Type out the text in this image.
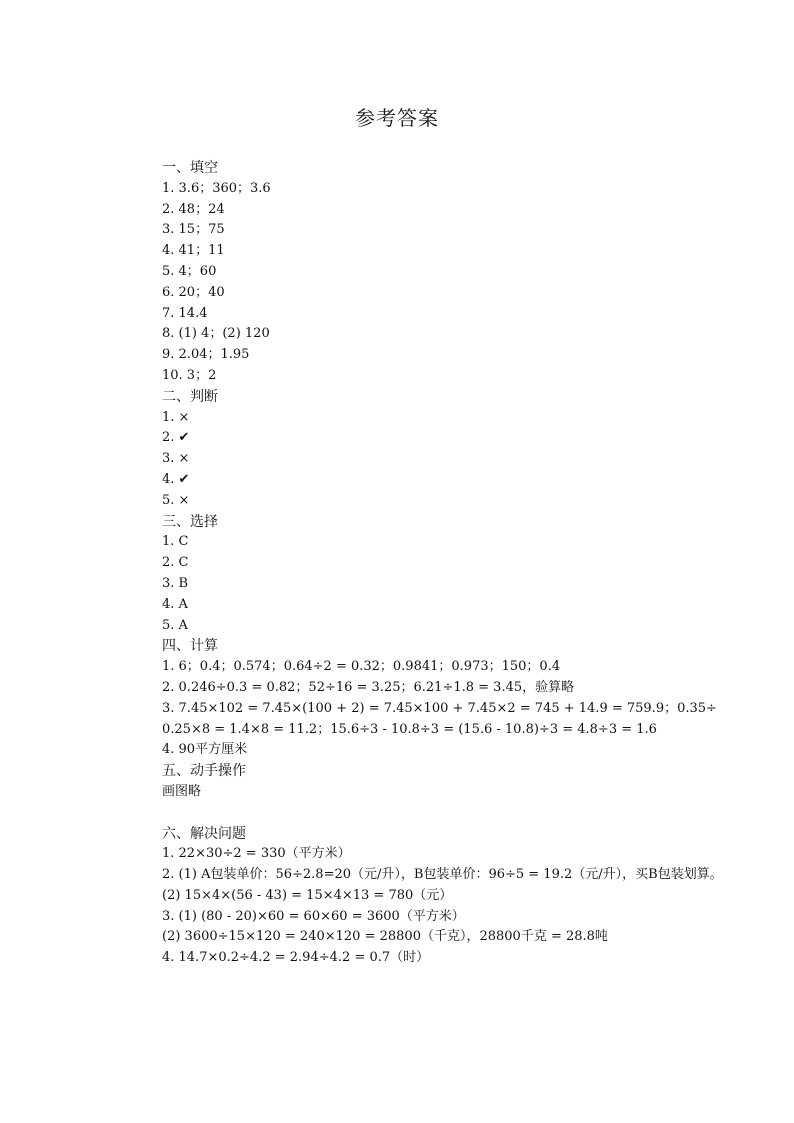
参考答案
一、填空
1. 3.6；360；3.6
2. 48；24
3. 15；75
4. 41；11
5. 4；60
6. 20；40
7. 14.4
8. (1) 4；(2) 120
9. 2.04；1.95
10. 3；2
二、判断
1. ×
2. ✔
3. ×
4. ✔
5. ×
三、选择
1. C
2. C
3. B
4. A
5. A
四、计算
1. 6；0.4；0.574；0.64÷2 = 0.32；0.9841；0.973；150；0.4
2. 0.246÷0.3 = 0.82；52÷16 = 3.25；6.21÷1.8 = 3.45，验算略
3. 7.45×102 = 7.45×(100 + 2) = 7.45×100 + 7.45×2 = 745 + 14.9 = 759.9；0.35÷0.25×8 = 1.4×8 = 11.2；15.6÷3 - 10.8÷3 = (15.6 - 10.8)÷3 = 4.8÷3 = 1.6
4. 90平方厘米
五、动手操作
画图略
六、解决问题
1. 22×30÷2 = 330（平方米）
2. (1) A包装单价：56÷2.8=20（元/升），B包装单价：96÷5 = 19.2（元/升），买B包装划算。
(2) 15×4×(56 - 43) = 15×4×13 = 780（元）
3. (1) (80 - 20)×60 = 60×60 = 3600（平方米）
(2) 3600÷15×120 = 240×120 = 28800（千克），28800千克 = 28.8吨
4. 14.7×0.2÷4.2 = 2.94÷4.2 = 0.7（时）
